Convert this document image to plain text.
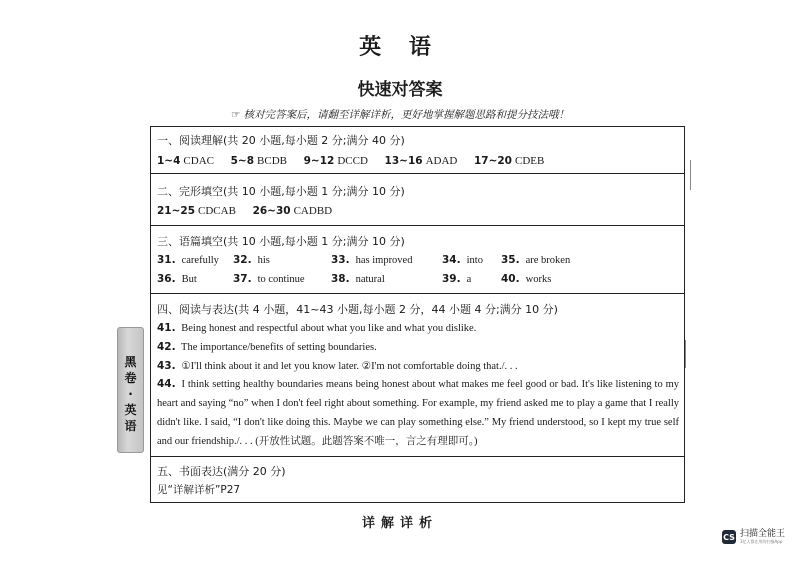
英 语
快速对答案
☞ 核对完答案后，请翻至详解详析，更好地掌握解题思路和提分技法哦！
黑
卷
·
英
语
一、阅读理解(共 20 小题,每小题 2 分;满分 40 分)
1~4 CDAC 5~8 BCDB 9~12 DCCD 13~16 ADAD 17~20 CDEB
二、完形填空(共 10 小题,每小题 1 分;满分 10 分)
21~25 CDCAB 26~30 CADBD
三、语篇填空(共 10 小题,每小题 1 分;满分 10 分)
31. carefully 32. his	33. has improved	34. into 35. are broken
36. But	37. to continue	38. natural	39. a	40. works
四、阅读与表达(共 4 小题，41~43 小题,每小题 2 分，44 小题 4 分;满分 10 分)
41. Being honest and respectful about what you like and what you dislike.
42. The importance/benefits of setting boundaries.
43. ①I'll think about it and let you know later. ②I'm not comfortable doing that./. . .
44. I think setting healthy boundaries means being honest about what makes me feel good or bad. It's like listening to my heart and saying “no” when I don't feel right about something. For example, my friend asked me to play a game that I really didn't like. I said, “I don't like doing this. Maybe we can play something else.” My friend understood, so I kept my true self and our friendship./. . . (开放性试题。此题答案不唯一，言之有理即可。)
五、书面表达(满分 20 分)
见“详解详析”P27
详解详析
CS 扫描全能王
3亿人都在用的扫描App
